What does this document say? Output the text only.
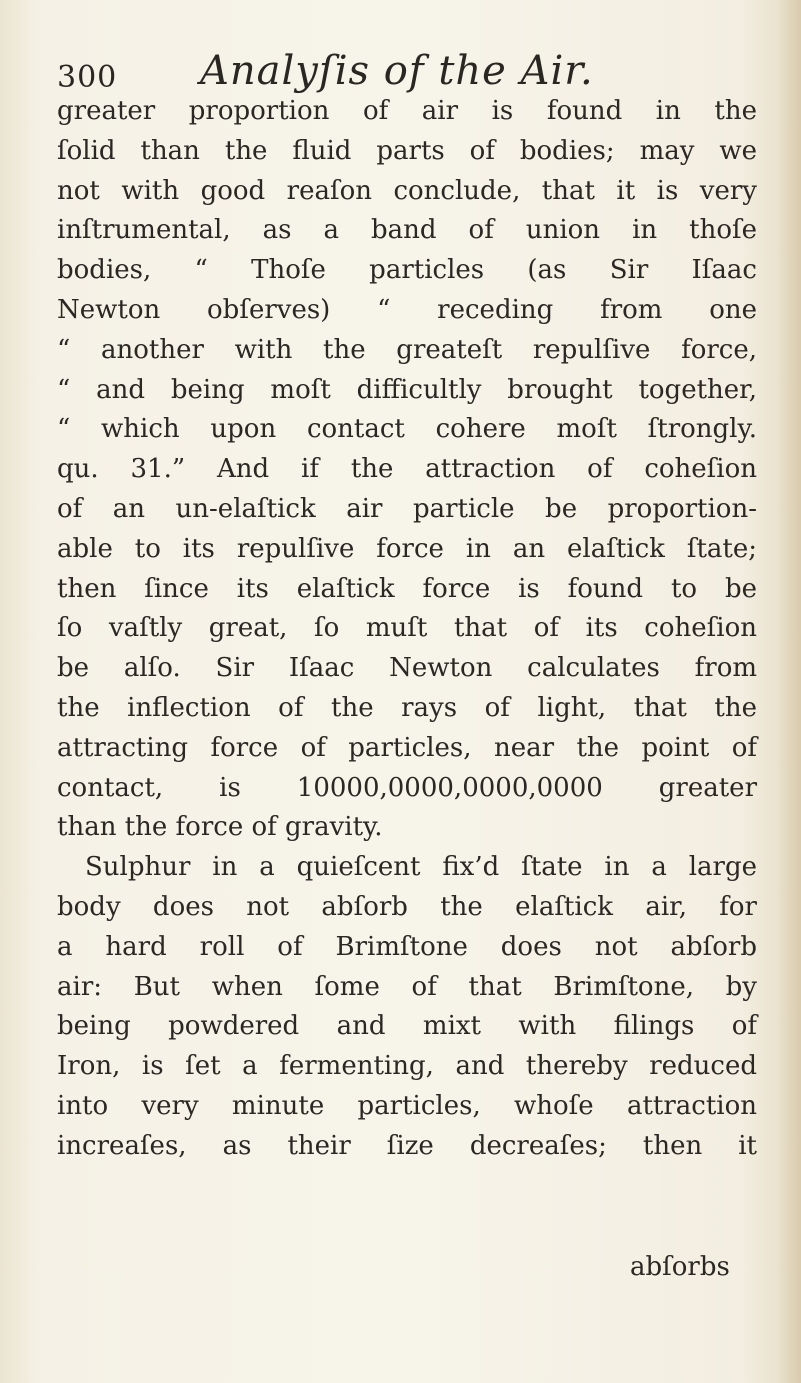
300 Analyſis of the Air.
greater proportion of air is found in the
ſolid than the fluid parts of bodies; may we
not with good reaſon conclude, that it is very
inſtrumental, as a band of union in thoſe
bodies, “ Thoſe particles (as Sir Iſaac
Newton obſerves) “ receding from one
“ another with the greateſt repulſive force,
“ and being moſt difficultly brought together,
“ which upon contact cohere moſt ſtrongly.
qu. 31.” And if the attraction of coheſion
of an un-elaſtick air particle be proportion-
able to its repulſive force in an elaſtick ſtate;
then ſince its elaſtick force is found to be
ſo vaſtly great, ſo muſt that of its coheſion
be alſo. Sir Iſaac Newton calculates from
the inflection of the rays of light, that the
attracting force of particles, near the point of
contact, is 10000,0000,0000,0000 greater
than the force of gravity.
Sulphur in a quieſcent fix’d ſtate in a large
body does not abſorb the elaſtick air, for
a hard roll of Brimſtone does not abſorb
air: But when ſome of that Brimſtone, by
being powdered and mixt with filings of
Iron, is ſet a fermenting, and thereby reduced
into very minute particles, whoſe attraction
increaſes, as their ſize decreaſes; then it
abſorbs
